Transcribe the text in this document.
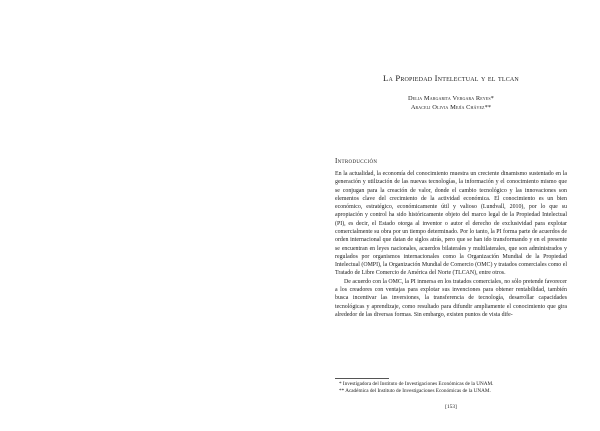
La Propiedad Intelectual y el tlcan
Delia Margarita Vergara Reyes*
Araceli Olivia Mejía Chávez**
Introducción

En la actualidad, la economía del conocimiento muestra un creciente dinamismo sustentado en la generación y utilización de las nuevas tecnologías, la información y el conocimiento mismo que se conjugan para la creación de valor, donde el cambio tecnológico y las innovaciones son elementos clave del crecimiento de la actividad económica. El conocimiento es un bien económico, estratégico, económicamente útil y valioso (Lundvall, 2010), por lo que su apropiación y control ha sido históricamente objeto del marco legal de la Propiedad Intelectual (PI), es decir, el Estado otorga al inventor o autor el derecho de exclusividad para explotar comercialmente su obra por un tiempo determinado. Por lo tanto, la PI forma parte de acuerdos de orden internacional que datan de siglos atrás, pero que se han ido transformando y en el presente se encuentran en leyes nacionales, acuerdos bilaterales y multilaterales, que son administrados y regulados por organismos internacionales como la Organización Mundial de la Propiedad Intelectual (OMPI), la Organización Mundial de Comercio (OMC) y tratados comerciales como el Tratado de Libre Comercio de América del Norte (TLCAN), entre otros.

De acuerdo con la OMC, la PI inmersa en los tratados comerciales, no sólo pretende favorecer a los creadores con ventajas para explotar sus invenciones para obtener rentabilidad, también busca incentivar las inversiones, la transferencia de tecnología, desarrollar capacidades tecnológicas y aprendizaje, como resultado para difundir ampliamente el conocimiento que gira alrededor de las diversas formas. Sin embargo, existen puntos de vista dife-

* Investigadora del Instituto de Investigaciones Económicas de la UNAM.
** Académica del Instituto de Investigaciones Económicas de la UNAM.
[153]
